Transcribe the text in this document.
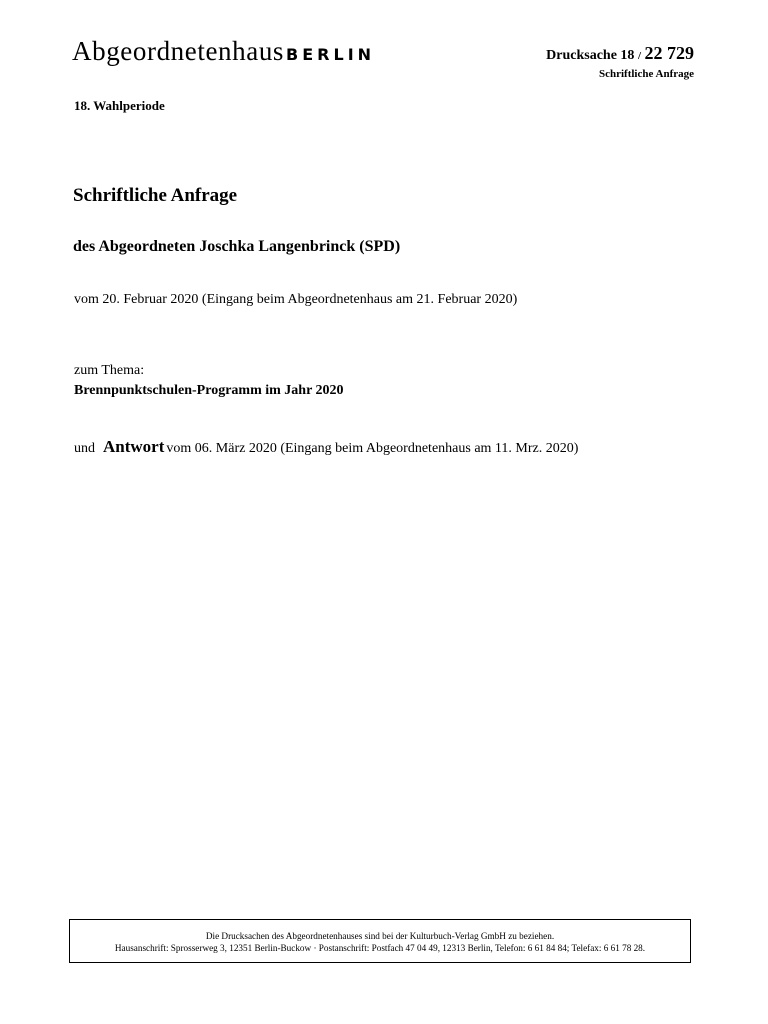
Abgeordnetenhaus BERLIN	Drucksache 18 / 22 729
Schriftliche Anfrage
18. Wahlperiode
Schriftliche Anfrage
des Abgeordneten Joschka Langenbrinck (SPD)
vom 20. Februar 2020 (Eingang beim Abgeordnetenhaus am 21. Februar 2020)
zum Thema:
Brennpunktschulen-Programm im Jahr 2020
und Antwort vom 06. März 2020 (Eingang beim Abgeordnetenhaus am 11. Mrz. 2020)
Die Drucksachen des Abgeordnetenhauses sind bei der Kulturbuch-Verlag GmbH zu beziehen.
Hausanschrift: Sprosserweg 3, 12351 Berlin-Buckow · Postanschrift: Postfach 47 04 49, 12313 Berlin, Telefon: 6 61 84 84; Telefax: 6 61 78 28.
